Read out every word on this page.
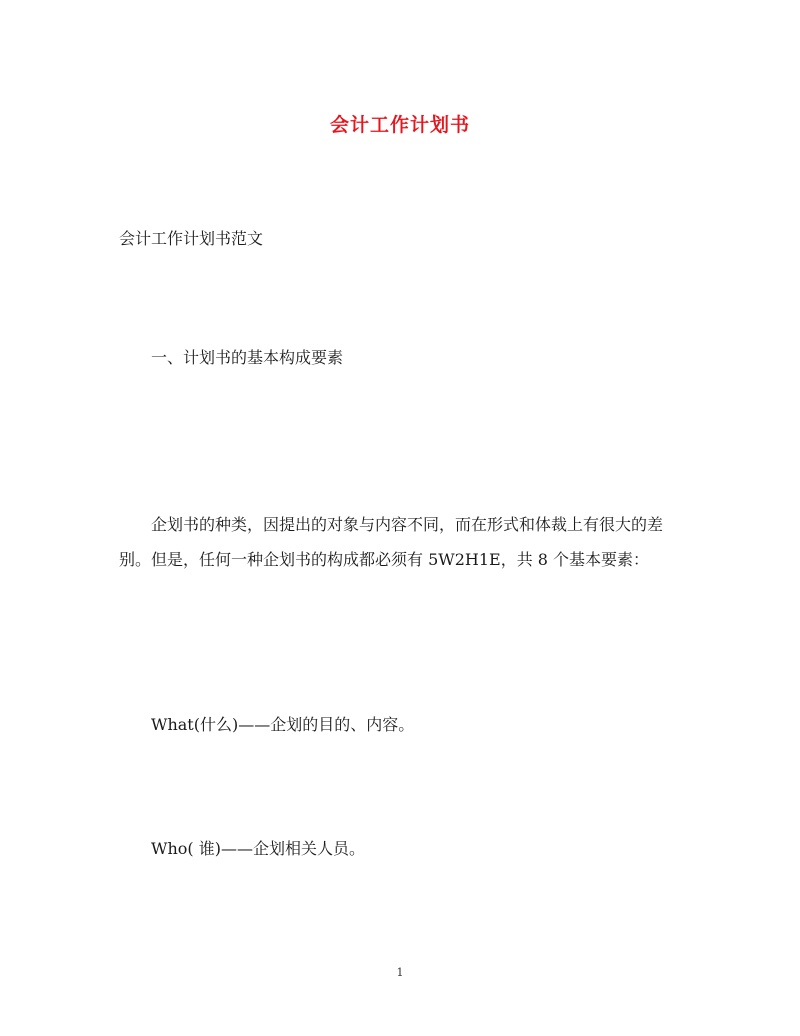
会计工作计划书

会计工作计划书范文

一、计划书的基本构成要素

企划书的种类，因提出的对象与内容不同，而在形式和体裁上有很大的差别。但是，任何一种企划书的构成都必须有 5W2H1E，共 8 个基本要素：

What(什么)——企划的目的、内容。

Who( 谁)——企划相关人员。

1
